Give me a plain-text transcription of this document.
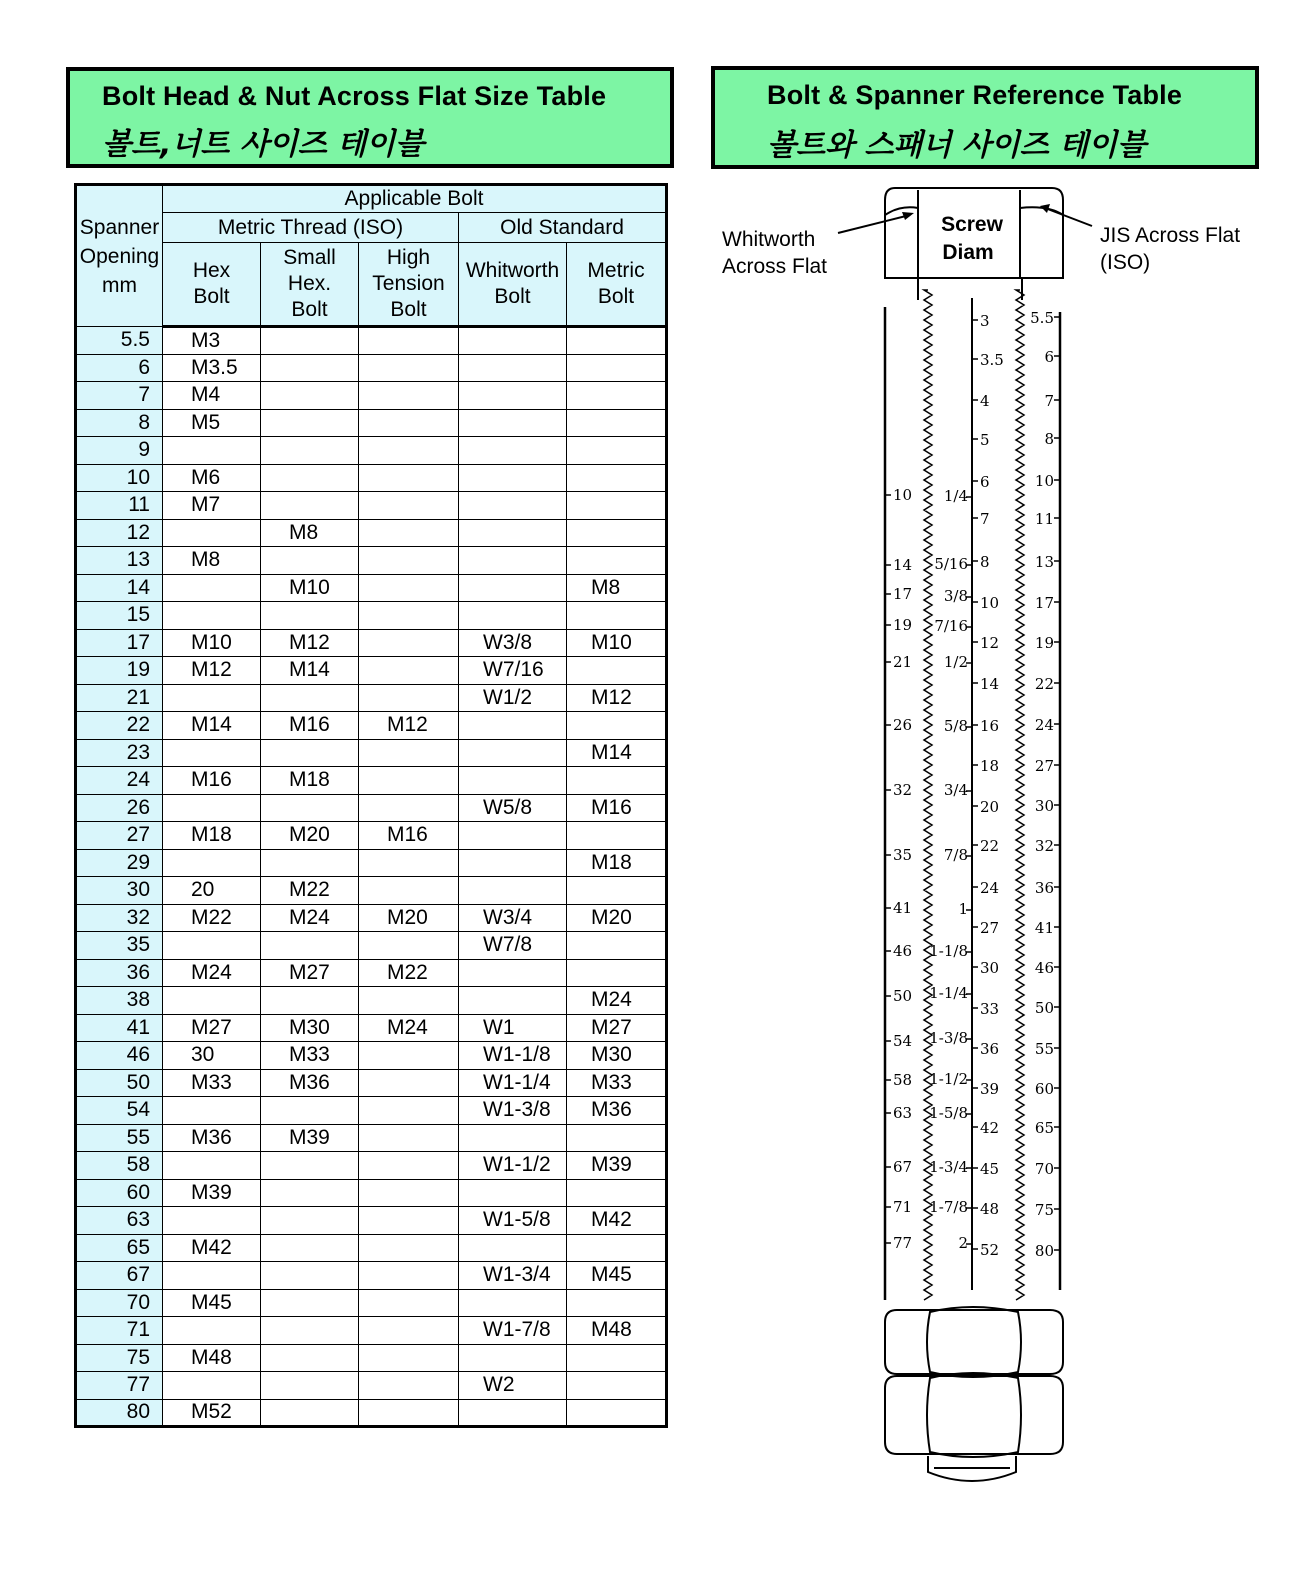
Bolt Head & Nut Across Flat Size Table
볼트,너트 사이즈 테이블
Bolt & Spanner Reference Table
볼트와 스패너 사이즈 테이블
Spanner Opening mm	Applicable Bolt				
	Metric Thread (ISO)			Old Standard	
	Hex Bolt	Small Hex. Bolt	High Tension Bolt	Whitworth Bolt	Metric Bolt
5.5	M3				
6	M3.5				
7	M4				
8	M5				
9					
10	M6				
11	M7				
12		M8			
13	M8				
14		M10			M8
15					
17	M10	M12		W3/8	M10
19	M12	M14		W7/16	
21				W1/2	M12
22	M14	M16	M12		
23					M14
24	M16	M18			
26				W5/8	M16
27	M18	M20	M16		
29					M18
30	20	M22			
32	M22	M24	M20	W3/4	M20
35				W7/8	
36	M24	M27	M22		
38					M24
41	M27	M30	M24	W1	M27
46	30	M33		W1-1/8	M30
50	M33	M36		W1-1/4	M33
54				W1-3/8	M36
55	M36	M39			
58				W1-1/2	M39
60	M39				
63				W1-5/8	M42
65	M42				
67				W1-3/4	M45
70	M45				
71				W1-7/8	M48
75	M48				
77				W2	
80	M52				
Whitworth
Across Flat
JIS Across Flat
(ISO)
10
14
17
19
21
26
32
35
41
46
50
54
58
63
67
71
77
1/4
5/16
3/8
7/16
1/2
5/8
3/4
7/8
1
1-1/8
1-1/4
1-3/8
1-1/2
1-5/8
1-3/4
1-7/8
2
3
3.5
4
5
6
7
8
10
12
14
16
18
20
22
24
27
30
33
36
39
42
45
48
52
5.5
6
7
8
10
11
13
17
19
22
24
27
30
32
36
41
46
50
55
60
65
70
75
80
Screw
Diam
